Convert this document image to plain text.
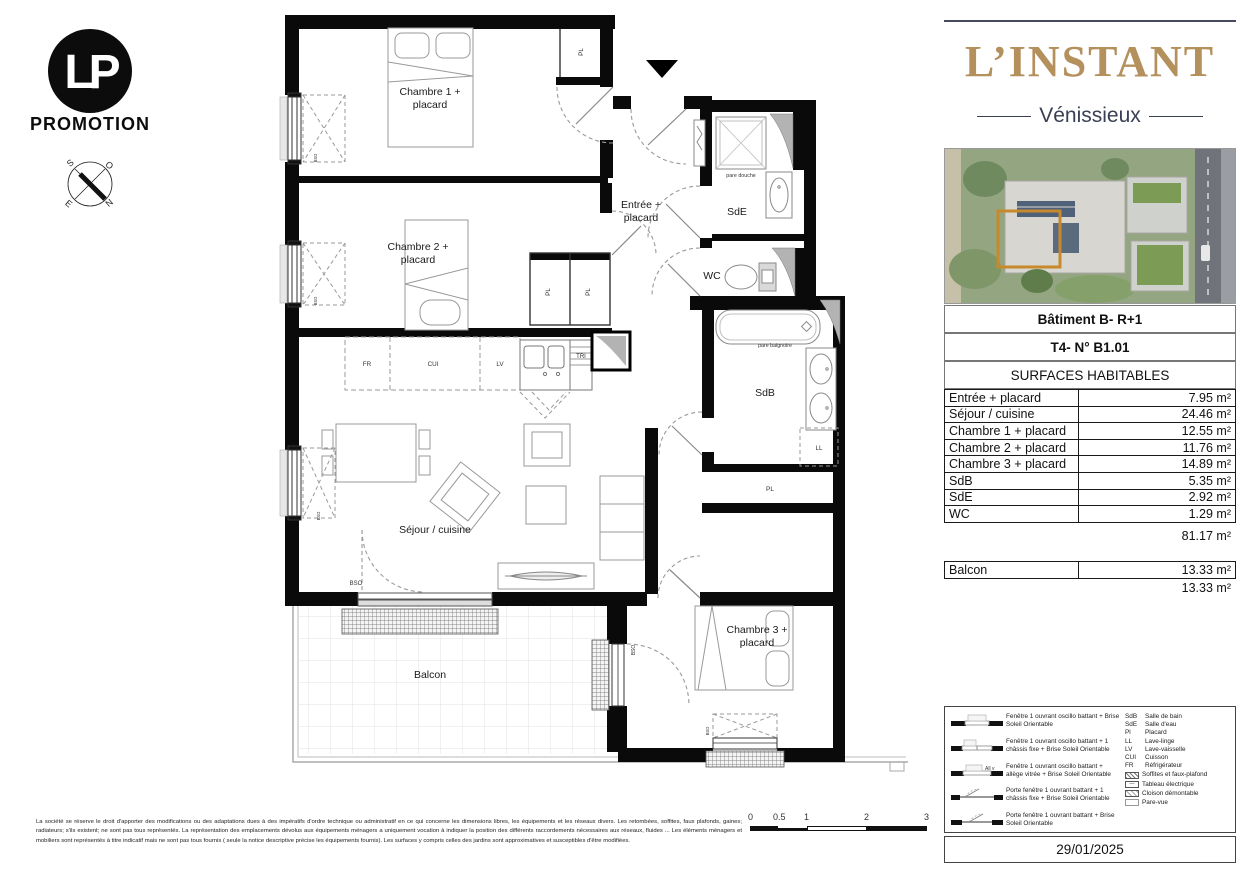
LP
PROMOTION
S	O
E	N
Chambre 1 +
placard
Chambre 2 +
placard
Entrée +
placard	SdE
WC
SdB
Séjour / cuisine
Balcon
Chambre 3 +
placard
FR	CUI	LV
TRI
pare douche
pare baignoire
LL
PL
PL	PL
PL
BSO
BSO
BSO
BSO
BSO
BSO
L’INSTANT
Vénissieux
Bâtiment B- R+1
T4- N° B1.01
SURFACES HABITABLES
Entrée + placard	7.95 m²
Séjour / cuisine	24.46 m²
Chambre 1 + placard	12.55 m²
Chambre 2 + placard	11.76 m²
Chambre 3 + placard	14.89 m²
SdB	5.35 m²
SdE	2.92 m²
WC	1.29 m²
81.17 m²
Balcon	13.33 m²
13.33 m²
Fenêtre 1 ouvrant oscillo battant + Brise Soleil Orientable
Fenêtre 1 ouvrant oscillo battant + 1 châssis fixe + Brise Soleil Orientable
All v Fenêtre 1 ouvrant oscillo battant + allège vitrée + Brise Soleil Orientable
Porte fenêtre 1 ouvrant battant + 1 châssis fixe + Brise Soleil Orientable
Porte fenêtre 1 ouvrant battant + Brise Soleil Orientable
SdB	Salle de bain
SdE	Salle d'eau
Pl	Placard
LL	Lave-linge
LV	Lave-vaisselle
CUI	Cuisson
FR	Réfrigérateur
Soffites et faux-plafond
—	Tableau électrique
Cloison démontable
Pare-vue
29/01/2025
La société se réserve le droit d'apporter des modifications ou des adaptations dues à des impératifs d'ordre technique ou administratif en ce qui concerne les dimensions libres, les équipements et les réseaux divers. Les retombées, soffites, faux plafonds, gaines; radiateurs; s'ils existent; ne sont pas tous représentés. La représentation des emplacements dévolus aux équipements ménagers a uniquement vocation à indiquer la position des différents raccordements nécessaires aux réseaux, fluides ... Les éléments ménagers et mobiliers sont représentés à titre indicatif mais ne sont pas tous fournis ( seule la notice descriptive précise les équipements fournis). Les surfaces y compris celles des jardins sont approximatives et susceptibles d'être modifiées.
0 0.5 1	2	3
